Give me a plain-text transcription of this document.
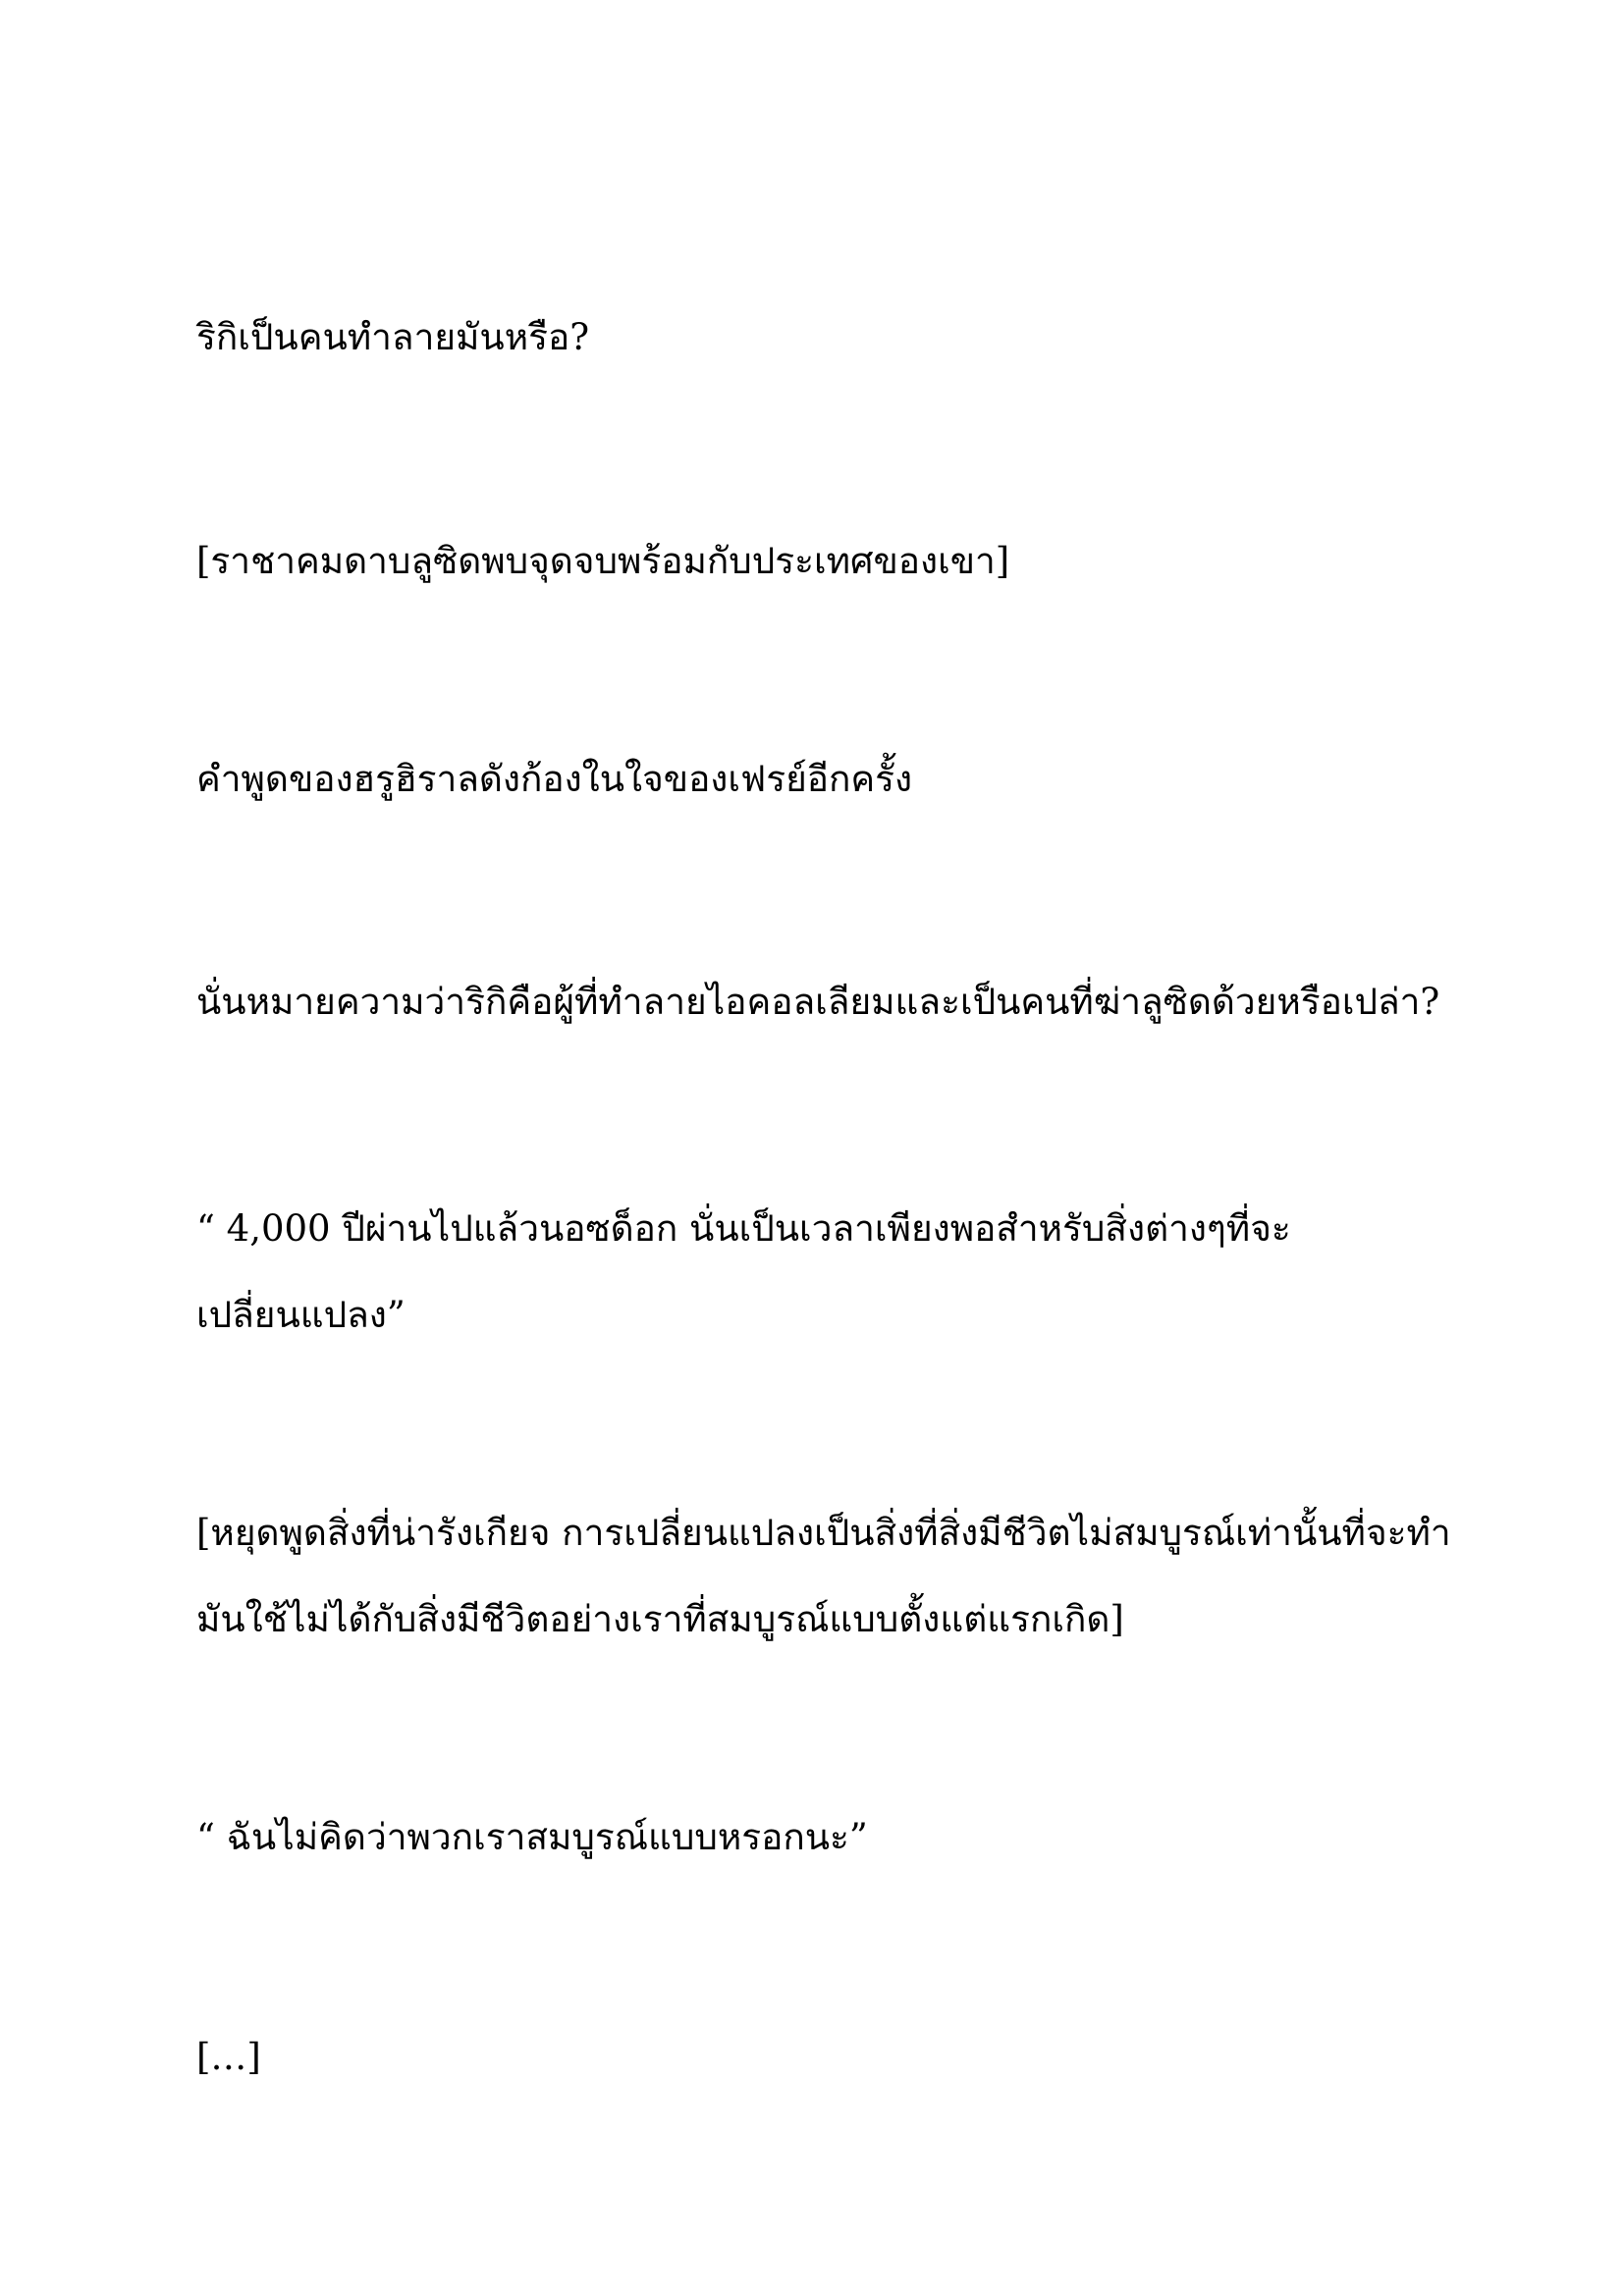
ริกิเป็นคนทำลายมันหรือ?

[ราชาคมดาบลูซิดพบจุดจบพร้อมกับประเทศของเขา]

คำพูดของฮรูฮิราลดังก้องในใจของเฟรย์อีกครั้ง

นั่นหมายความว่าริกิคือผู้ที่ทำลายไอคอลเลียมและเป็นคนที่ฆ่าลูซิดด้วยหรือเปล่า?

“ 4,000 ปีผ่านไปแล้วนอซด็อก นั่นเป็นเวลาเพียงพอสำหรับสิ่งต่างๆที่จะ

เปลี่ยนแปลง”

[หยุดพูดสิ่งที่น่ารังเกียจ การเปลี่ยนแปลงเป็นสิ่งที่สิ่งมีชีวิตไม่สมบูรณ์เท่านั้นที่จะทำ

มันใช้ไม่ได้กับสิ่งมีชีวิตอย่างเราที่สมบูรณ์แบบตั้งแต่แรกเกิด]

“ ฉันไม่คิดว่าพวกเราสมบูรณ์แบบหรอกนะ”

[…]
